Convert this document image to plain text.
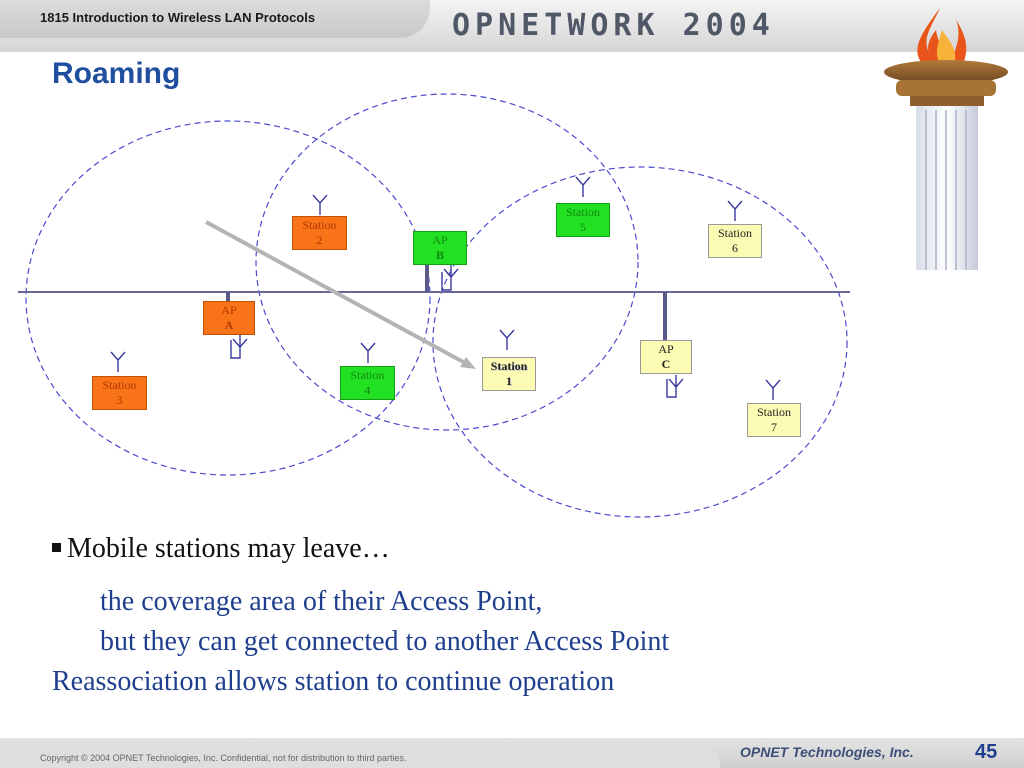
1815 Introduction to Wireless LAN Protocols	OPNETWORK 2004
Roaming
Station
2
Station
5	Station
6
AP
B
AP
A
AP
C
Station
3
Station
4
Station
1
Station
7
Mobile stations may leave…
the coverage area of their Access Point,
but they can get connected to another Access Point
Reassociation allows station to continue operation
Copyright © 2004 OPNET Technologies, Inc. Confidential, not for distribution to third parties.	OPNET Technologies, Inc.	45
